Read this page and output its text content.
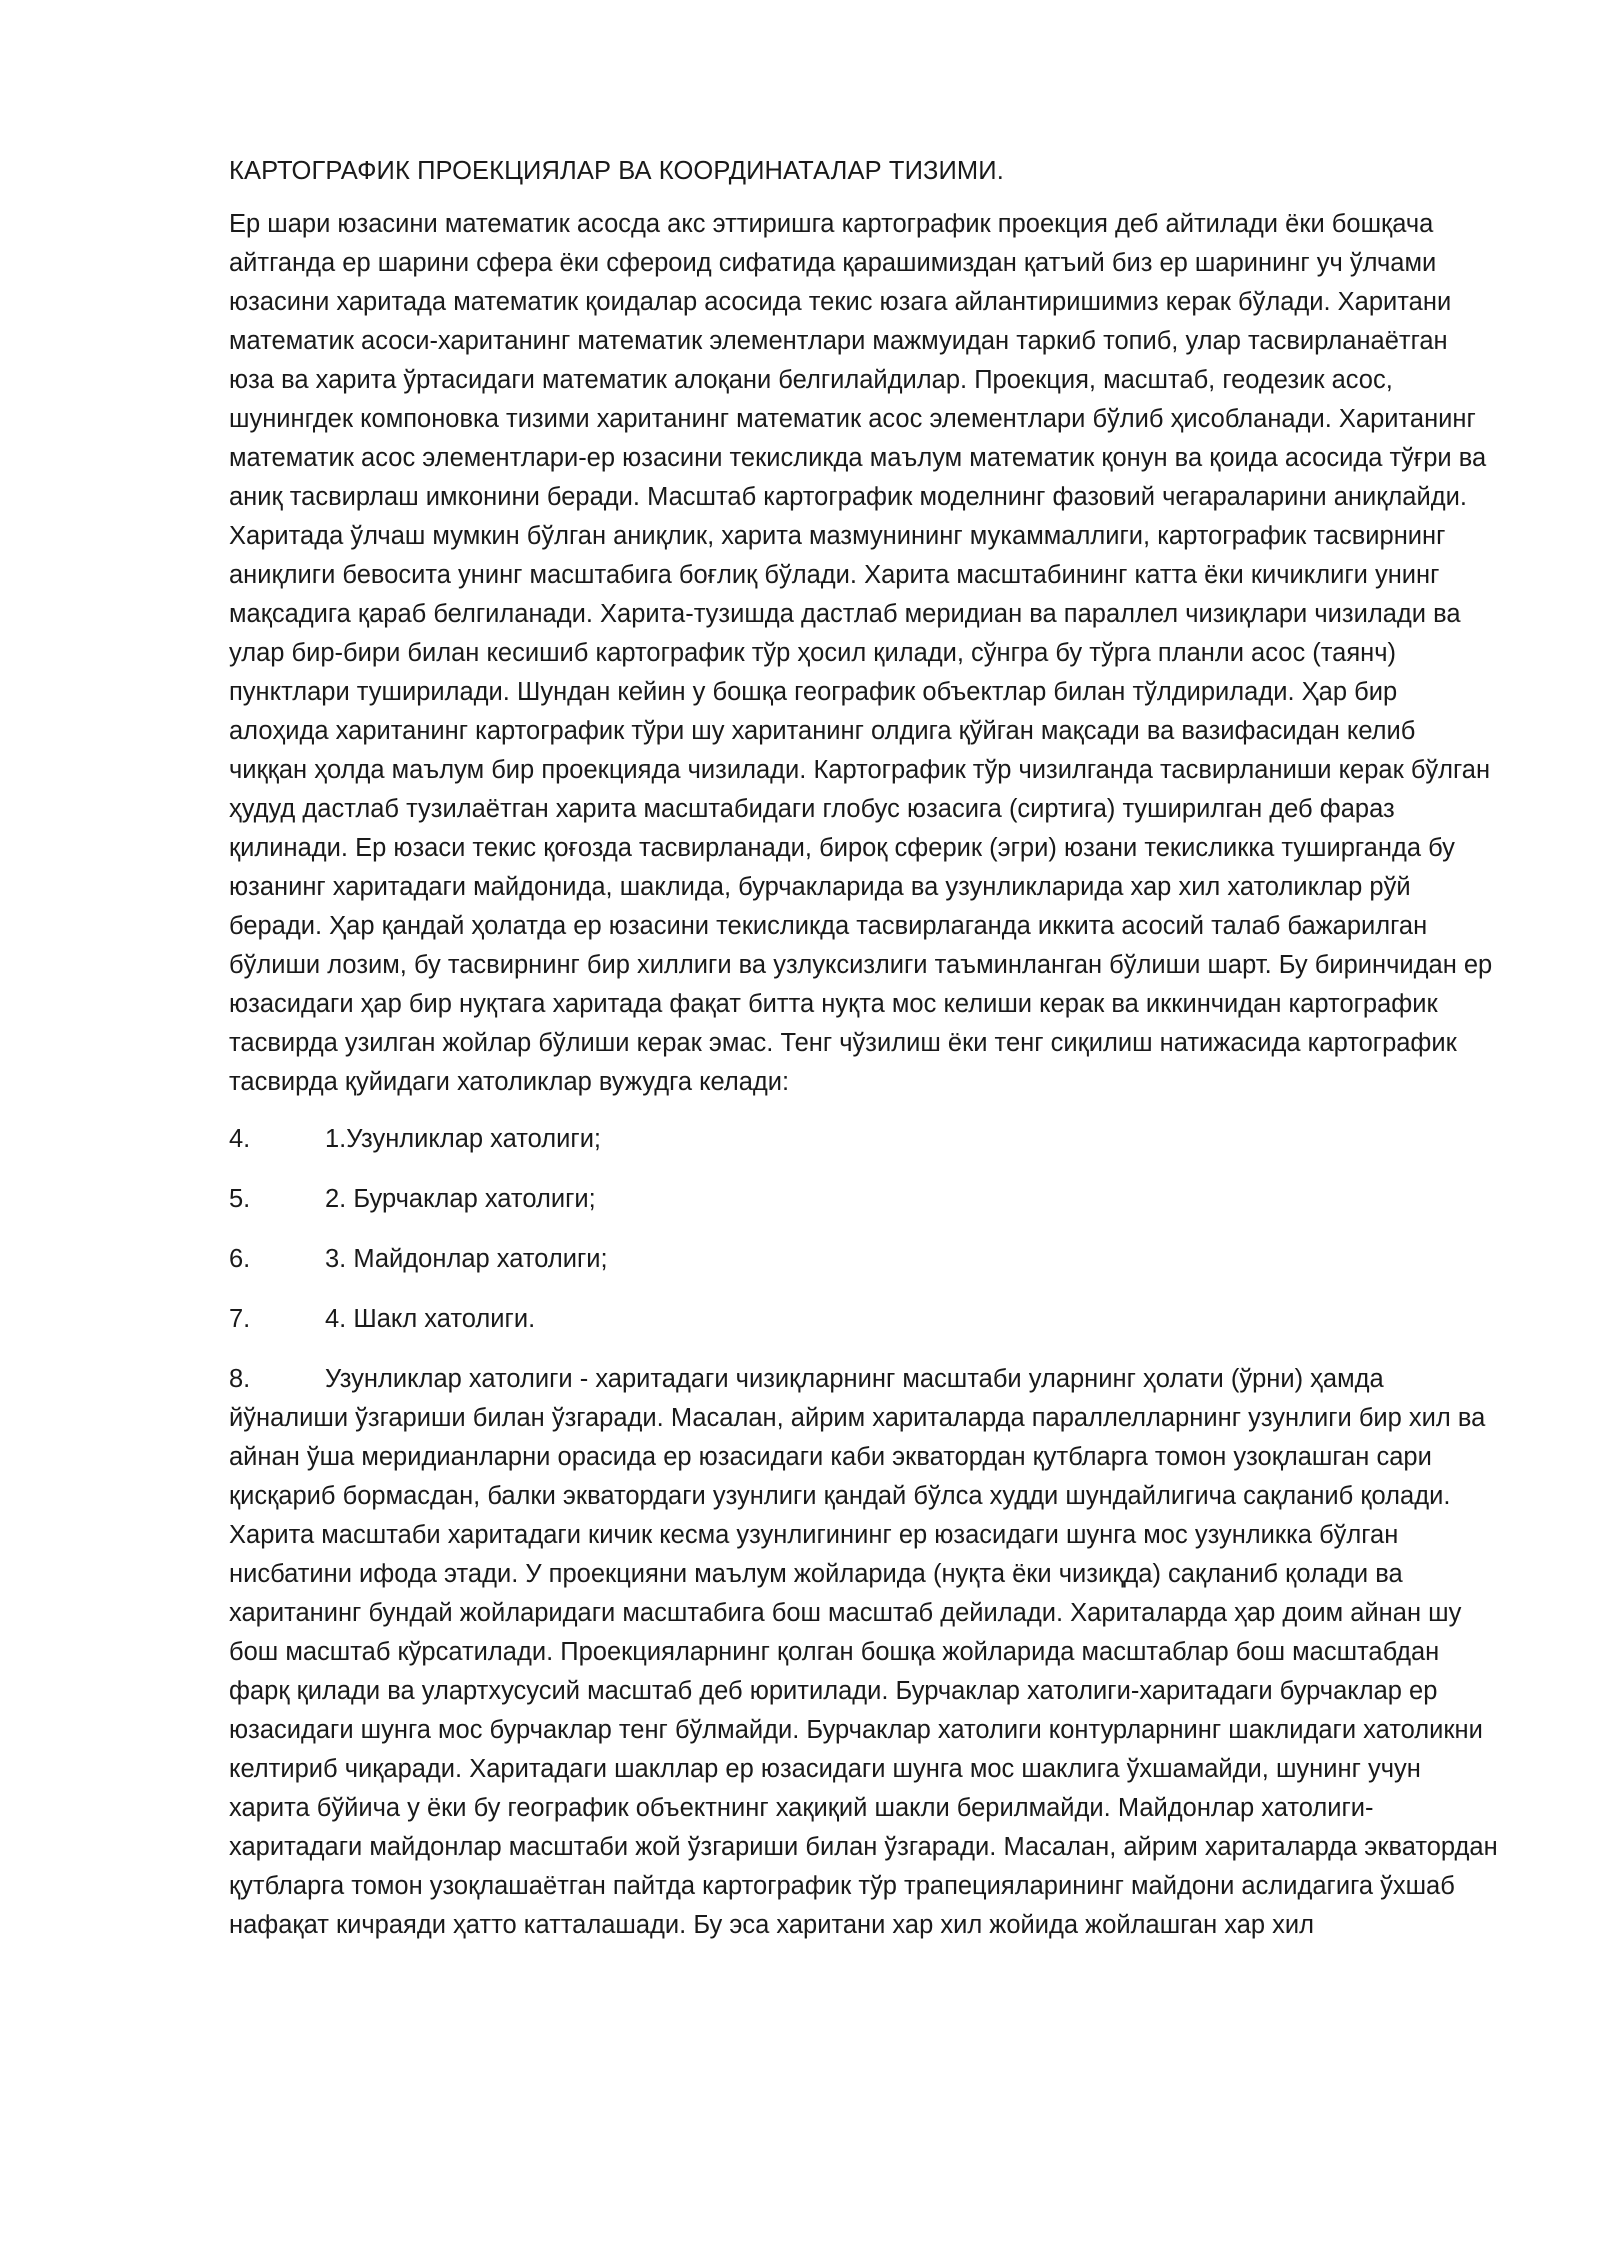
КАРТОГРАФИК ПРОЕКЦИЯЛАР ВА КООРДИНАТАЛАР ТИЗИМИ.

Ер шари юзасини математик асосда акс эттиришга картографик проекция деб айтилади ёки бошқача айтганда ер шарини сфера ёки сфероид сифатида қарашимиздан қатъий биз ер шарининг уч ўлчами юзасини харитада математик қоидалар асосида текис юзага айлантиришимиз керак бўлади. Харитани математик асоси-хаританинг математик элементлари мажмуидан таркиб топиб, улар тасвирланаётган юза ва харита ўртасидаги математик алоқани белгилайдилар. Проекция, масштаб, геодезик асос, шунингдек компоновка тизими хаританинг математик асос элементлари бўлиб ҳисобланади. Хаританинг математик асос элементлари-ер юзасини текисликда маълум математик қонун ва қоида асосида тўғри ва аниқ тасвирлаш имконини беради. Масштаб картографик моделнинг фазовий чегараларини аниқлайди. Харитада ўлчаш мумкин бўлган аниқлик, харита мазмунининг мукаммаллиги, картографик тасвирнинг аниқлиги бевосита унинг масштабига боғлиқ бўлади. Харита масштабининг катта ёки кичиклиги унинг мақсадига қараб белгиланади. Харита-тузишда дастлаб меридиан ва параллел чизиқлари чизилади ва улар бир-бири билан кесишиб картографик тўр ҳосил қилади, сўнгра бу тўрга планли асос (таянч) пунктлари туширилади. Шундан кейин у бошқа географик объектлар билан тўлдирилади. Ҳар бир алоҳида хаританинг картографик тўри шу хаританинг олдига қўйган мақсади ва вазифасидан келиб чиққан ҳолда маълум бир проекцияда чизилади. Картографик тўр чизилганда тасвирланиши керак бўлган ҳудуд дастлаб тузилаётган харита масштабидаги глобус юзасига (сиртига) туширилган деб фараз қилинади. Ер юзаси текис қоғозда тасвирланади, бироқ сферик (эгри) юзани текисликка туширганда бу юзанинг харитадаги майдонида, шаклида, бурчакларида ва узунликларида хар хил хатоликлар рўй беради. Ҳар қандай ҳолатда ер юзасини текисликда тасвирлаганда иккита асосий талаб бажарилган бўлиши лозим, бу тасвирнинг бир хиллиги ва узлуксизлиги таъминланган бўлиши шарт. Бу биринчидан ер юзасидаги ҳар бир нуқтага харитада фақат битта нуқта мос келиши керак ва иккинчидан картографик тасвирда узилган жойлар бўлиши керак эмас. Тенг чўзилиш ёки тенг сиқилиш натижасида картографик тасвирда қуйидаги хатоликлар вужудга келади:

4.	1.Узунликлар хатолиги;
5.	2. Бурчаклар хатолиги;
6.	3. Майдонлар хатолиги;
7.	4. Шакл хатолиги.

8.	Узунликлар хатолиги - харитадаги чизиқларнинг масштаби уларнинг ҳолати (ўрни) ҳамда йўналиши ўзгариши билан ўзгаради. Масалан, айрим хариталарда параллелларнинг узунлиги бир хил ва айнан ўша меридианларни орасида ер юзасидаги каби экватордан қутбларга томон узоқлашган сари қисқариб бормасдан, балки экватордаги узунлиги қандай бўлса худди шундайлигича сақланиб қолади. Харита масштаби харитадаги кичик кесма узунлигининг ер юзасидаги шунга мос узунликка бўлган нисбатини ифода этади. У проекцияни маълум жойларида (нуқта ёки чизиқда) сақланиб қолади ва хаританинг бундай жойларидаги масштабига бош масштаб дейилади. Хариталарда ҳар доим айнан шу бош масштаб кўрсатилади. Проекцияларнинг қолган бошқа жойларида масштаблар бош масштабдан фарқ қилади ва улартхусусий масштаб деб юритилади. Бурчаклар хатолиги-харитадаги бурчаклар ер юзасидаги шунга мос бурчаклар тенг бўлмайди. Бурчаклар хатолиги контурларнинг шаклидаги хатоликни келтириб чиқаради. Харитадаги шакллар ер юзасидаги шунга мос шаклига ўхшамайди, шунинг учун харита бўйича у ёки бу географик объектнинг хақиқий шакли берилмайди. Майдонлар хатолиги-харитадаги майдонлар масштаби жой ўзгариши билан ўзгаради. Масалан, айрим хариталарда экватордан қутбларга томон узоқлашаётган пайтда картографик тўр трапецияларининг майдони аслидагига ўхшаб нафақат кичраяди ҳатто катталашади. Бу эса харитани хар хил жойида жойлашган хар хил
